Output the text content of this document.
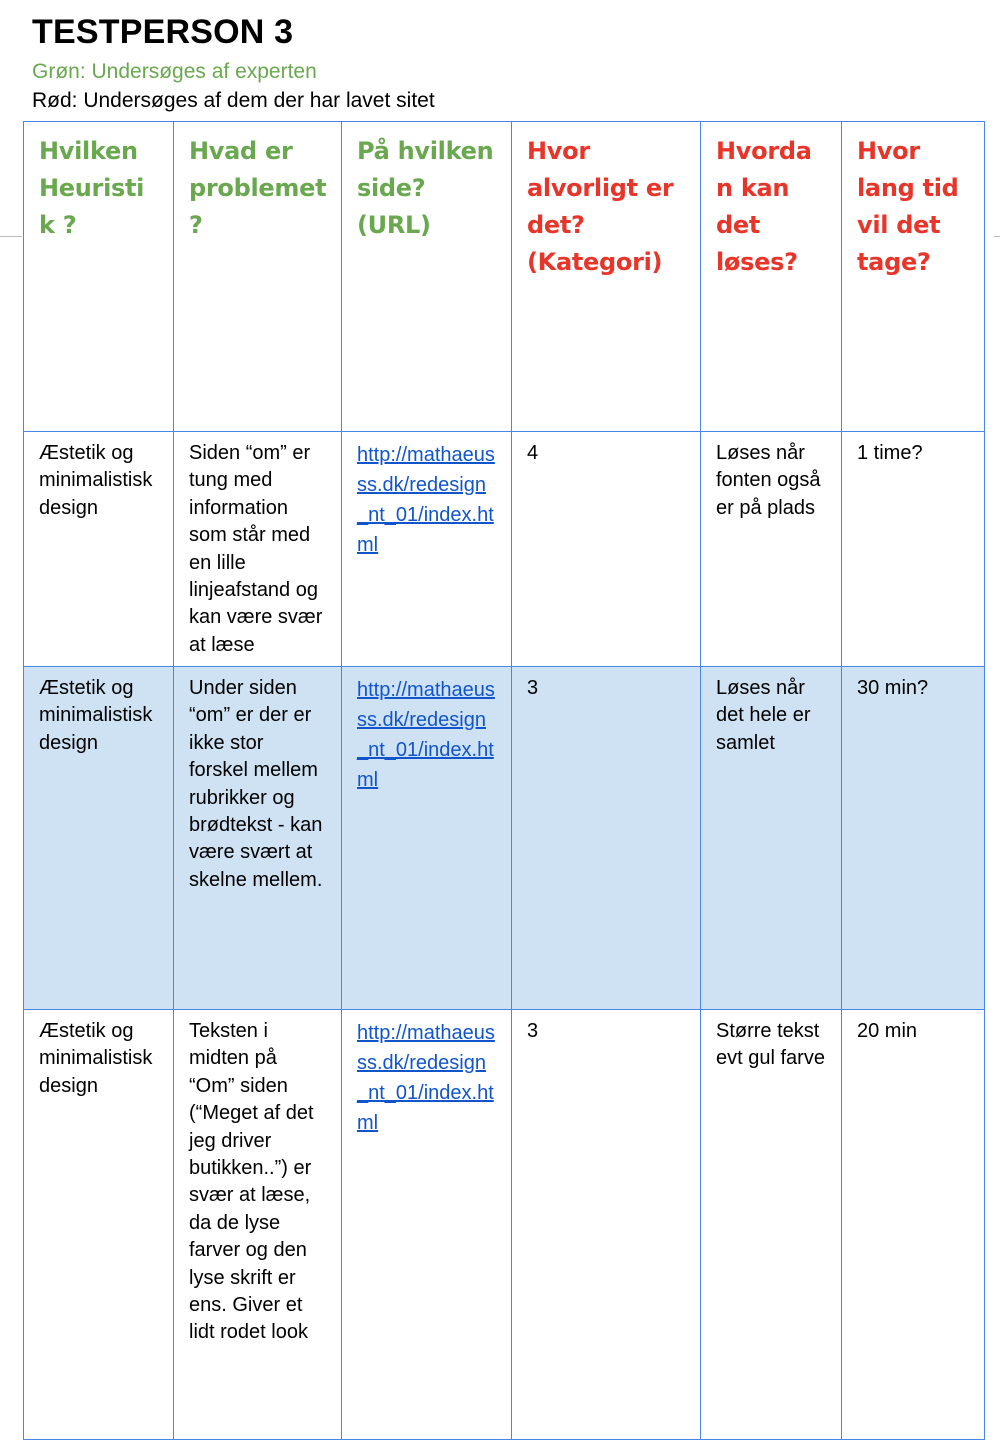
TESTPERSON 3
Grøn: Undersøges af experten
Rød: Undersøges af dem der har lavet sitet
Hvilken Heuristik ?	Hvad er problemet ?	På hvilken side? (URL)	Hvor alvorligt er det? (Kategori)	Hvordan kan det løses?	Hvor lang tid vil det tage?
Æstetik og minimalistisk design	Siden “om” er tung med information som står med en lille linjeafstand og kan være svær at læse	http://mathaeusss.dk/redesign_nt_01/index.html	4	Løses når fonten også er på plads	1 time?
Æstetik og minimalistisk design	Under siden “om” er der er ikke stor forskel mellem rubrikker og brødtekst - kan være svært at skelne mellem.	http://mathaeusss.dk/redesign_nt_01/index.html	3	Løses når det hele er samlet	30 min?
Æstetik og minimalistisk design	Teksten i midten på “Om” siden (“Meget af det jeg driver butikken..”) er svær at læse, da de lyse farver og den lyse skrift er ens. Giver et lidt rodet look	http://mathaeusss.dk/redesign_nt_01/index.html	3	Større tekst evt gul farve	20 min
